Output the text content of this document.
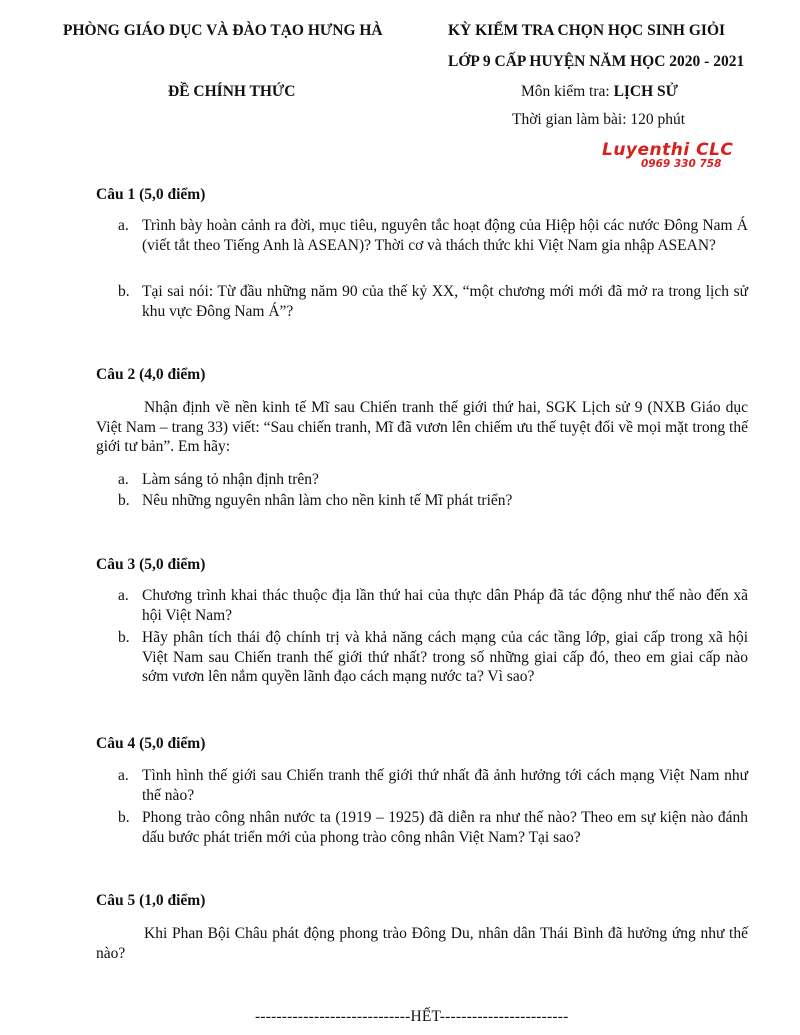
PHÒNG GIÁO DỤC VÀ ĐÀO TẠO HƯNG HÀ	KỲ KIỂM TRA CHỌN HỌC SINH GIỎI
LỚP 9 CẤP HUYỆN NĂM HỌC 2020 - 2021
ĐỀ CHÍNH THỨC	Môn kiểm tra: LỊCH SỬ
Thời gian làm bài: 120 phút
Luyenthi CLC
0969 330 758
Câu 1 (5,0 điểm)
a. Trình bày hoàn cảnh ra đời, mục tiêu, nguyên tắc hoạt động của Hiệp hội các nước Đông Nam Á (viết tắt theo Tiếng Anh là ASEAN)? Thời cơ và thách thức khi Việt Nam gia nhập ASEAN?
b. Tại sai nói: Từ đầu những năm 90 của thế kỷ XX, “một chương mới mới đã mở ra trong lịch sử khu vực Đông Nam Á”?
Câu 2 (4,0 điểm)
Nhận định về nền kinh tế Mĩ sau Chiến tranh thế giới thứ hai, SGK Lịch sử 9 (NXB Giáo dục Việt Nam – trang 33) viết: “Sau chiến tranh, Mĩ đã vươn lên chiếm ưu thế tuyệt đối về mọi mặt trong thế giới tư bản”. Em hãy:
a. Làm sáng tỏ nhận định trên?
b. Nêu những nguyên nhân làm cho nền kinh tế Mĩ phát triển?
Câu 3 (5,0 điểm)
a. Chương trình khai thác thuộc địa lần thứ hai của thực dân Pháp đã tác động như thế nào đến xã hội Việt Nam?
b. Hãy phân tích thái độ chính trị và khả năng cách mạng của các tầng lớp, giai cấp trong xã hội Việt Nam sau Chiến tranh thế giới thứ nhất? trong số những giai cấp đó, theo em giai cấp nào sớm vươn lên nắm quyền lãnh đạo cách mạng nước ta? Vì sao?
Câu 4 (5,0 điểm)
a. Tình hình thế giới sau Chiến tranh thế giới thứ nhất đã ảnh hưởng tới cách mạng Việt Nam như thế nào?
b. Phong trào công nhân nước ta (1919 – 1925) đã diễn ra như thế nào? Theo em sự kiện nào đánh dấu bước phát triển mới của phong trào công nhân Việt Nam? Tại sao?
Câu 5 (1,0 điểm)
Khi Phan Bội Châu phát động phong trào Đông Du, nhân dân Thái Bình đã hưởng ứng như thế nào?
-----------------------------HẾT------------------------
